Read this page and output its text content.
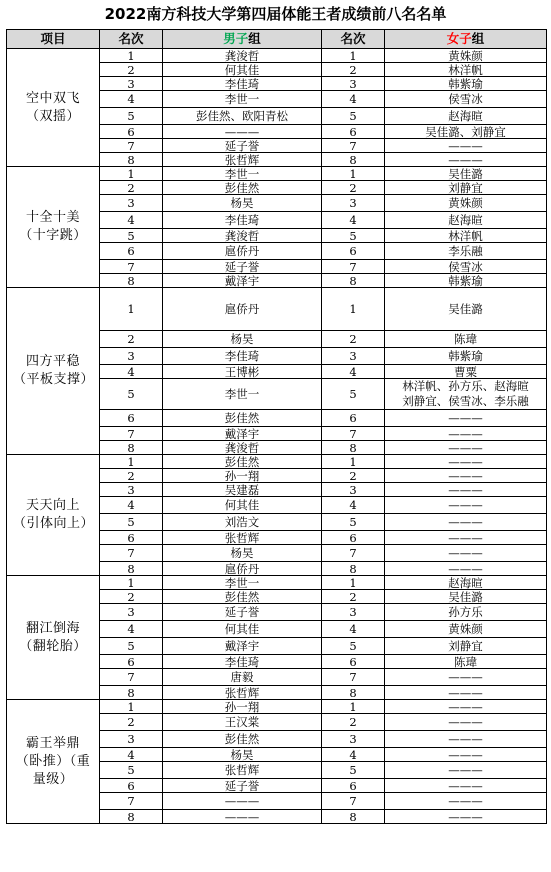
2022南方科技大学第四届体能王者成绩前八名名单
项目	名次	男子组	名次	女子组
空中双飞（双摇）	1	龚浚哲	1	黄姝颜
	2	何其佳	2	林洋帆
	3	李佳琦	3	韩紫瑜
	4	李世一	4	侯雪冰
	5	彭佳然、欧阳青松	5	赵海暄
	6	———	6	吴佳潞、刘静宜
	7	延子誉	7	———
	8	张哲辉	8	———
十全十美（十字跳）	1	李世一	1	吴佳潞
	2	彭佳然	2	刘静宜
	3	杨昊	3	黄姝颜
	4	李佳琦	4	赵海暄
	5	龚浚哲	5	林洋帆
	6	扈侨丹	6	李乐融
	7	延子誉	7	侯雪冰
	8	戴泽宇	8	韩紫瑜
四方平稳（平板支撑）	1	扈侨丹	1	吴佳潞
	2	杨昊	2	陈瑋
	3	李佳琦	3	韩紫瑜
	4	王博彬	4	曹粟
	5	李世一	5	林洋帆、孙方乐、赵海暄
刘静宜、侯雪冰、李乐融
	6	彭佳然	6	———
	7	戴泽宇	7	———
	8	龚浚哲	8	———
天天向上（引体向上）	1	彭佳然	1	———
	2	孙一翔	2	———
	3	吴建磊	3	———
	4	何其佳	4	———
	5	刘浩文	5	———
	6	张哲辉	6	———
	7	杨昊	7	———
	8	扈侨丹	8	———
翻江倒海（翻轮胎）	1	李世一	1	赵海暄
	2	彭佳然	2	吴佳潞
	3	延子誉	3	孙方乐
	4	何其佳	4	黄姝颜
	5	戴泽宇	5	刘静宜
	6	李佳琦	6	陈瑋
	7	唐毅	7	———
	8	张哲辉	8	———
霸王举鼎（卧推）（重量级）	1	孙一翔	1	———
	2	王汉棠	2	———
	3	彭佳然	3	———
	4	杨昊	4	———
	5	张哲辉	5	———
	6	延子誉	6	———
	7	———	7	———
	8	———	8	———
